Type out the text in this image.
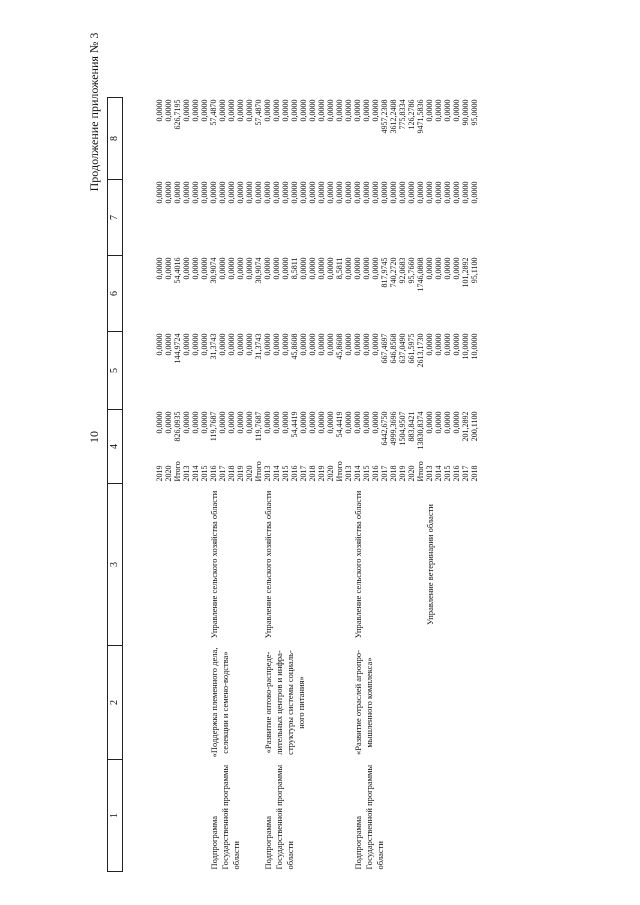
10
Продолжение приложения № 3
1	2	3	4		5	6	7	8

			2019	0,0000	0,0000	0,0000	0,0000	0,0000
			2020	0,0000	0,0000	0,0000	0,0000	0,0000
			Итого	826,0935	144,9724	54,4016	0,0000	626,7195
			2013	0,0000	0,0000	0,0000	0,0000	0,0000
			2014	0,0000	0,0000	0,0000	0,0000	0,0000
			2015	0,0000	0,0000	0,0000	0,0000	0,0000

Подпрограмма Государственной программы области	«Поддержка племенного дела, селекции и семено-водства»	Управление сельского хозяйства области	2016	119,7687	31,3743	30,9074	0,0000	57,4870
			2017	0,0000	0,0000	0,0000	0,0000	0,0000
			2018	0,0000	0,0000	0,0000	0,0000	0,0000
			2019	0,0000	0,0000	0,0000	0,0000	0,0000
			2020	0,0000	0,0000	0,0000	0,0000	0,0000
			Итого	119,7687	31,3743	30,9074	0,0000	57,4870

Подпрограмма Государственной программы области	«Развитие оптово-распреде-лительных центров и инфра-структуры системы социаль-ного питания»	Управление сельского хозяйства области	2013	0,0000	0,0000	0,0000	0,0000	0,0000
			2014	0,0000	0,0000	0,0000	0,0000	0,0000
			2015	0,0000	0,0000	0,0000	0,0000	0,0000
			2016	54,4419	45,8608	8,5811	0,0000	0,0000
			2017	0,0000	0,0000	0,0000	0,0000	0,0000
			2018	0,0000	0,0000	0,0000	0,0000	0,0000
			2019	0,0000	0,0000	0,0000	0,0000	0,0000
			2020	0,0000	0,0000	0,0000	0,0000	0,0000
			Итого	54,4419	45,8608	8,5811	0,0000	0,0000
			2013	0,0000	0,0000	0,0000	0,0000	0,0000

Подпрограмма Государственной программы области	«Развитие отраслей агропро-мышленного комплекса»	Управление сельского хозяйства области	2014	0,0000	0,0000	0,0000	0,0000	0,0000
			2015	0,0000	0,0000	0,0000	0,0000	0,0000
			2016	0,0000	0,0000	0,0000	0,0000	0,0000
			2017	6442,6750	667,4697	817,9745	0,0000	4957,2308
			2018	4999,3696	646,8568	740,2720	0,0000	3612,2408
			2019	1504,9507	637,0490	92,0683	0,0000	775,8334
			2020	883,8421	661,5975	95,7660	0,0000	126,2786
			Итого	13830,8374	2613,1730	1746,0808	0,0000	9471,5836

		Управление ветеринарии области	2013	0,0000	0,0000	0,0000	0,0000	0,0000
			2014	0,0000	0,0000	0,0000	0,0000	0,0000
			2015	0,0000	0,0000	0,0000	0,0000	0,0000
			2016	0,0000	0,0000	0,0000	0,0000	0,0000
			2017	201,2892	10,0000	101,2892	0,0000	90,0000
			2018	200,1100	10,0000	95,1100	0,0000	95,0000
